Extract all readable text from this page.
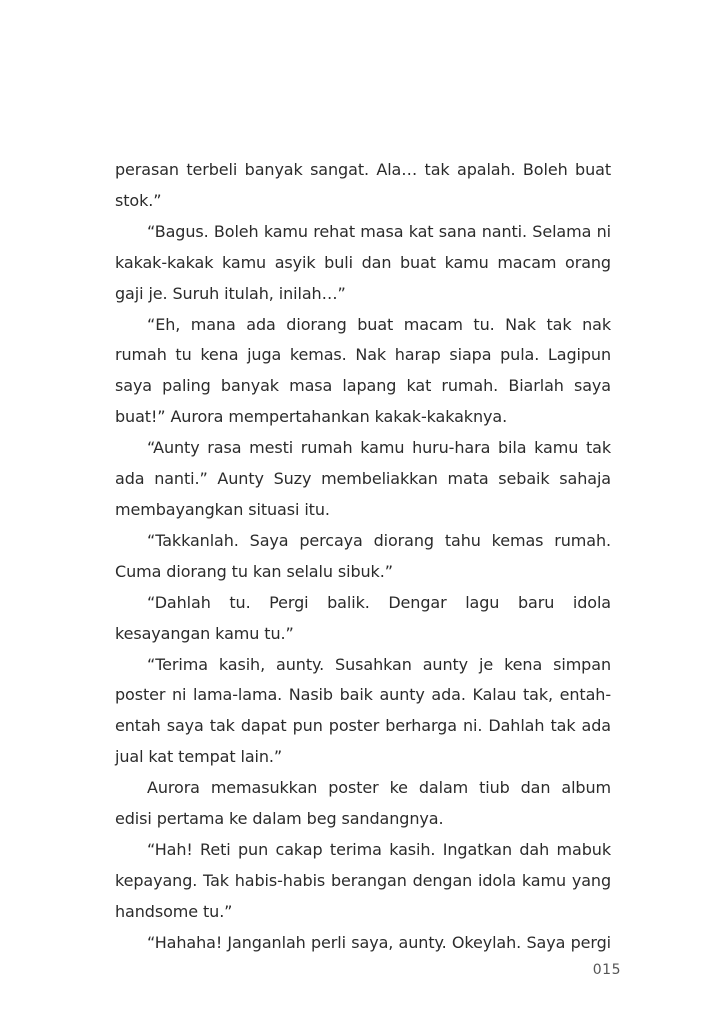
perasan terbeli banyak sangat. Ala… tak apalah. Boleh buat stok.”

“Bagus. Boleh kamu rehat masa kat sana nanti. Selama ni kakak-kakak kamu asyik buli dan buat kamu macam orang gaji je. Suruh itulah, inilah…”

“Eh, mana ada diorang buat macam tu. Nak tak nak rumah tu kena juga kemas. Nak harap siapa pula. Lagipun saya paling banyak masa lapang kat rumah. Biarlah saya buat!” Aurora mempertahankan kakak-kakaknya.

“Aunty rasa mesti rumah kamu huru-hara bila kamu tak ada nanti.” Aunty Suzy membeliakkan mata sebaik sahaja membayangkan situasi itu.

“Takkanlah. Saya percaya diorang tahu kemas rumah. Cuma diorang tu kan selalu sibuk.”

“Dahlah tu. Pergi balik. Dengar lagu baru idola kesayangan kamu tu.”

“Terima kasih, aunty. Susahkan aunty je kena simpan poster ni lama-lama. Nasib baik aunty ada. Kalau tak, entah-entah saya tak dapat pun poster berharga ni. Dahlah tak ada jual kat tempat lain.”

Aurora memasukkan poster ke dalam tiub dan album edisi pertama ke dalam beg sandangnya.

“Hah! Reti pun cakap terima kasih. Ingatkan dah mabuk kepayang. Tak habis-habis berangan dengan idola kamu yang handsome tu.”

“Hahaha! Janganlah perli saya, aunty. Okeylah. Saya pergi

015
